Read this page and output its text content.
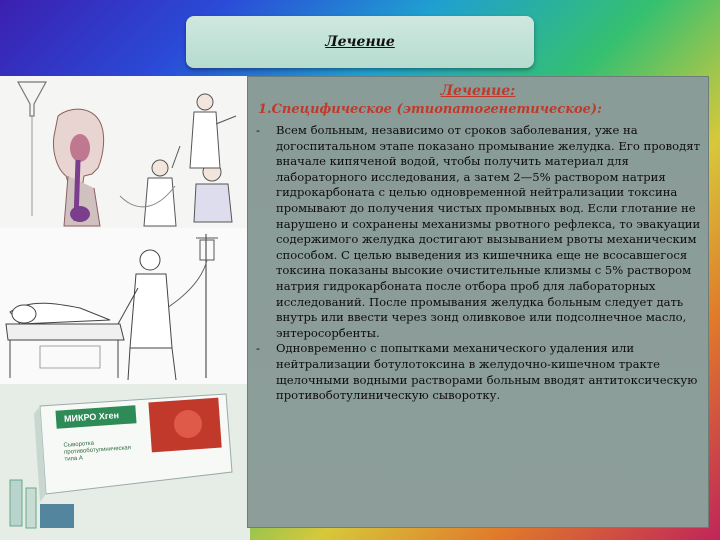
Лечение
МИКРО Хген
Сыворотка противоботулиническая типа А
Лечение:
1.Специфическое (этиопатогенетическое):
- Всем больным, независимо от сроков заболевания, уже на догоспитальном этапе показано промывание желудка. Его проводят вначале кипяченой водой, чтобы получить материал для лабораторного исследования, а затем 2—5% раствором натрия гидрокарбоната с целью одновременной нейтрализации токсина промывают до получения чистых промывных вод. Если глотание не нарушено и сохранены механизмы рвотного рефлекса, то эвакуации содержимого желудка достигают вызыванием рвоты механическим способом. С целью выведения из кишечника еще не всосавшегося токсина показаны высокие очистительные клизмы с 5% раствором натрия гидрокарбоната после отбора проб для лабораторных исследований. После промывания желудка больным следует дать внутрь или ввести через зонд оливковое или подсолнечное масло, энтеросорбенты.
- Одновременно с попытками механического удаления или нейтрализации ботулотоксина в желудочно-кишечном тракте щелочными водными растворами больным вводят антитоксическую противоботулиническую сыворотку.
